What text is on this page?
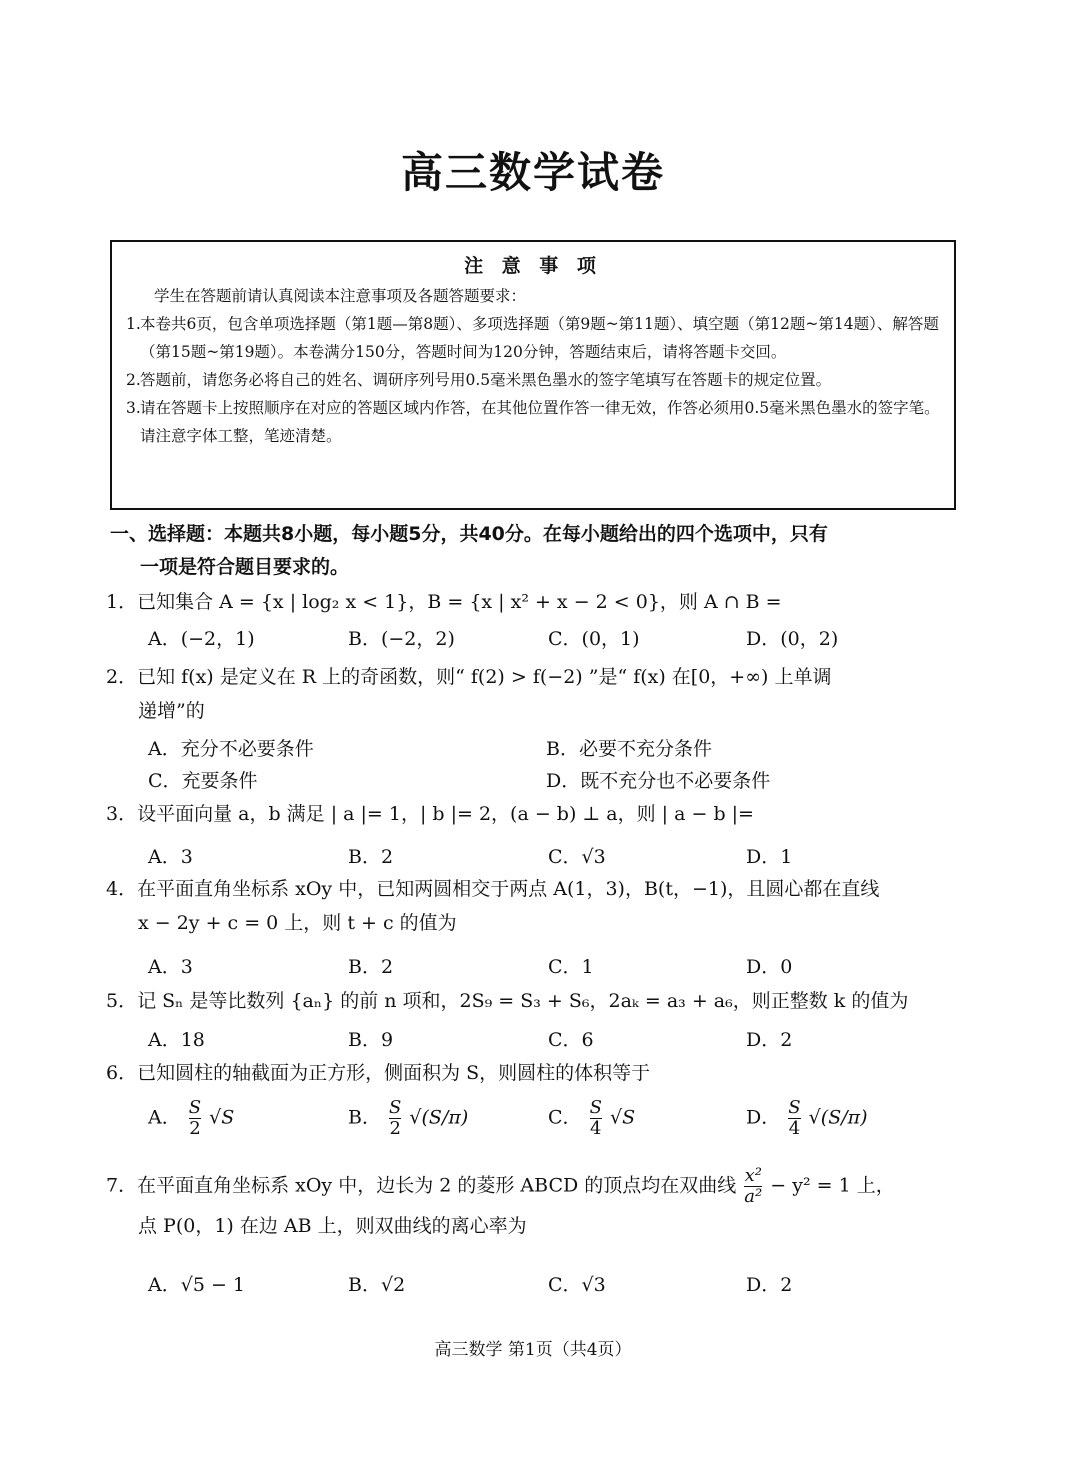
高三数学试卷
注 意 事 项
学生在答题前请认真阅读本注意事项及各题答题要求：
1. 本卷共6页，包含单项选择题（第1题—第8题）、多项选择题（第9题~第11题）、填空题（第12题~第14题）、解答题（第15题~第19题）。本卷满分150分，答题时间为120分钟，答题结束后，请将答题卡交回。
2. 答题前，请您务必将自己的姓名、调研序列号用0.5毫米黑色墨水的签字笔填写在答题卡的规定位置。
3. 请在答题卡上按照顺序在对应的答题区域内作答，在其他位置作答一律无效，作答必须用0.5毫米黑色墨水的签字笔。请注意字体工整，笔迹清楚。
一、选择题：本题共8小题，每小题5分，共40分。在每小题给出的四个选项中，只有
一项是符合题目要求的。
1．已知集合 A = {x | log₂ x < 1}，B = {x | x² + x − 2 < 0}，则 A ∩ B =
A．(−2，1)	B．(−2，2)	C．(0，1)	D．(0，2)
2．已知 f(x) 是定义在 R 上的奇函数，则“ f(2) > f(−2) ”是“ f(x) 在[0，+∞) 上单调
递增”的
A．充分不必要条件	B．必要不充分条件
C．充要条件	D．既不充分也不必要条件
3．设平面向量 a，b 满足 | a |= 1，| b |= 2，(a − b) ⊥ a，则 | a − b |=
A．3	B．2	C．√3	D．1
4．在平面直角坐标系 xOy 中，已知两圆相交于两点 A(1，3)，B(t，−1)，且圆心都在直线
x − 2y + c = 0 上，则 t + c 的值为
A．3	B．2	C．1	D．0
5．记 Sₙ 是等比数列 {aₙ} 的前 n 项和，2S₉ = S₃ + S₆，2aₖ = a₃ + a₆，则正整数 k 的值为
A．18	B．9	C．6	D．2
6．已知圆柱的轴截面为正方形，侧面积为 S，则圆柱的体积等于
A． $\frac{S}{2} √S$	B． $\frac{S}{2} √(S/\pi)$	C． $\frac{S}{4} √S$	D． $\frac{S}{4} √(S/\pi)$
7．在平面直角坐标系 xOy 中，边长为 2 的菱形 ABCD 的顶点均在双曲线 $\frac{\text{x²}}{\text{a²}} - y^2 = 1$ 上，
点 P(0，1) 在边 AB 上，则双曲线的离心率为
A．√5 − 1	B．√2	C．√3	D．2
高三数学 第1页（共4页）
